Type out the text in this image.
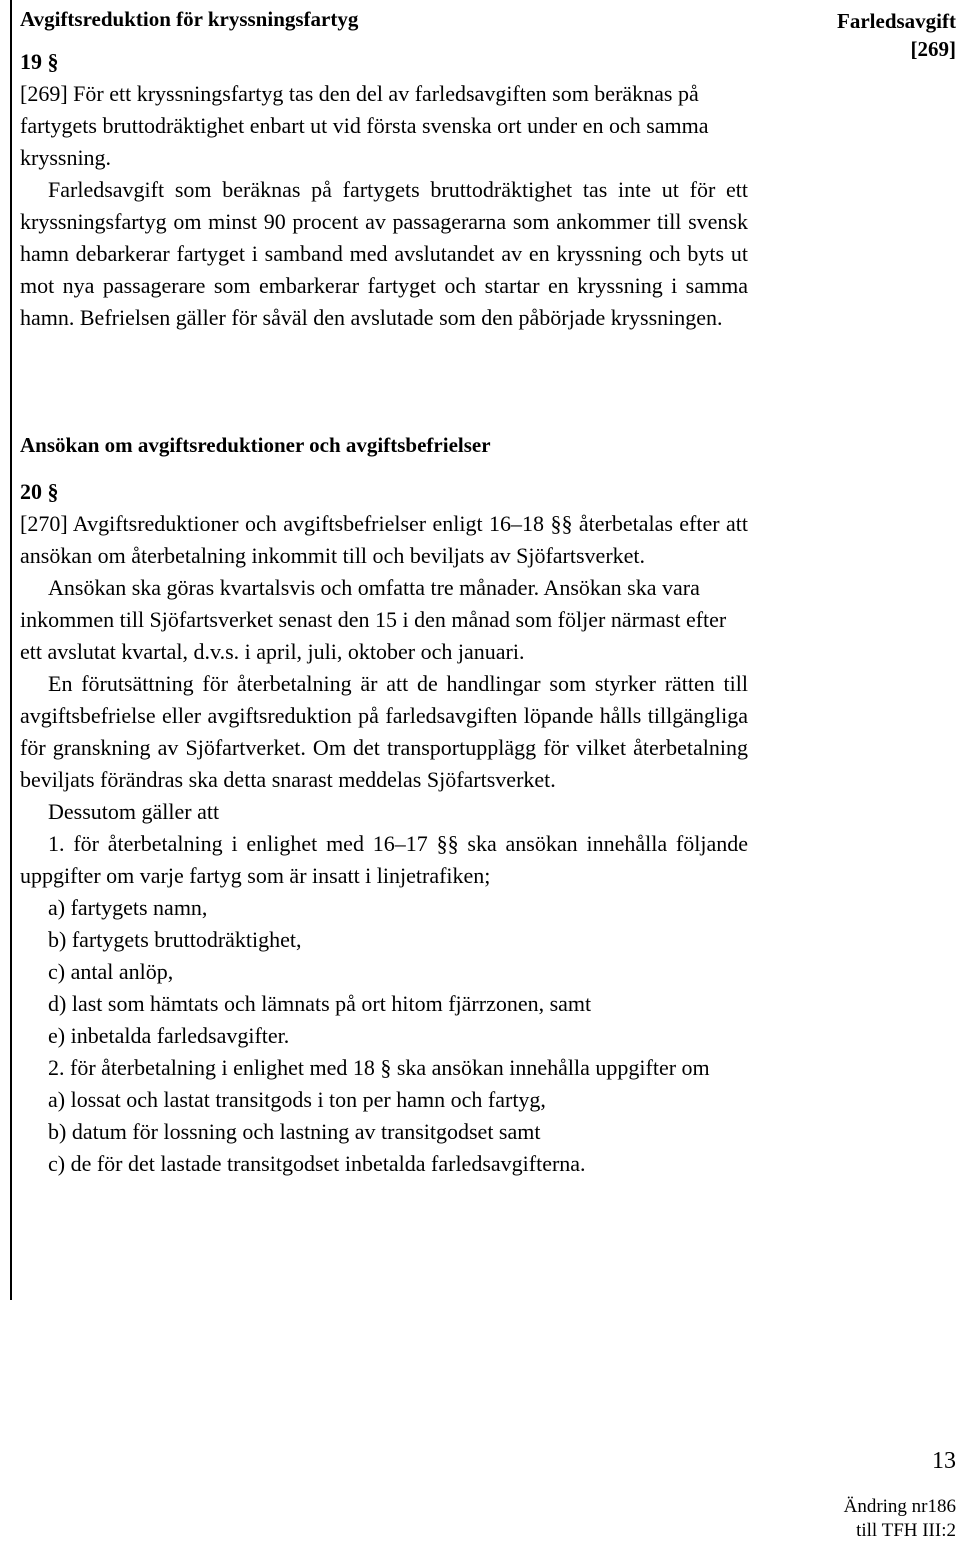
Avgiftsreduktion för kryssningsfartyg	Farledsavgift
[269]

19 §

[269] För ett kryssningsfartyg tas den del av farledsavgiften som beräknas på fartygets bruttodräktighet enbart ut vid första svenska ort under en och samma kryssning.

Farledsavgift som beräknas på fartygets bruttodräktighet tas inte ut för ett kryssningsfartyg om minst 90 procent av passagerarna som ankommer till svensk hamn debarkerar fartyget i samband med avslutandet av en kryssning och byts ut mot nya passagerare som embarkerar fartyget och startar en kryssning i samma hamn. Befrielsen gäller för såväl den avslutade som den påbörjade kryssningen.

Ansökan om avgiftsreduktioner och avgiftsbefrielser

20 §

[270] Avgiftsreduktioner och avgiftsbefrielser enligt 16–18 §§ återbetalas efter att ansökan om återbetalning inkommit till och beviljats av Sjöfartsverket.

Ansökan ska göras kvartalsvis och omfatta tre månader. Ansökan ska vara inkommen till Sjöfartsverket senast den 15 i den månad som följer närmast efter ett avslutat kvartal, d.v.s. i april, juli, oktober och januari.

En förutsättning för återbetalning är att de handlingar som styrker rätten till avgiftsbefrielse eller avgiftsreduktion på farledsavgiften löpande hålls tillgängliga för granskning av Sjöfartverket. Om det transportupplägg för vilket återbetalning beviljats förändras ska detta snarast meddelas Sjöfartsverket.

Dessutom gäller att

1. för återbetalning i enlighet med 16–17 §§ ska ansökan innehålla följande uppgifter om varje fartyg som är insatt i linjetrafiken;

a) fartygets namn,

b) fartygets bruttodräktighet,

c) antal anlöp,

d) last som hämtats och lämnats på ort hitom fjärrzonen, samt

e) inbetalda farledsavgifter.

2. för återbetalning i enlighet med 18 § ska ansökan innehålla uppgifter om

a) lossat och lastat transitgods i ton per hamn och fartyg,

b) datum för lossning och lastning av transitgodset samt

c) de för det lastade transitgodset inbetalda farledsavgifterna.

13
Ändring nr186
till TFH III:2
